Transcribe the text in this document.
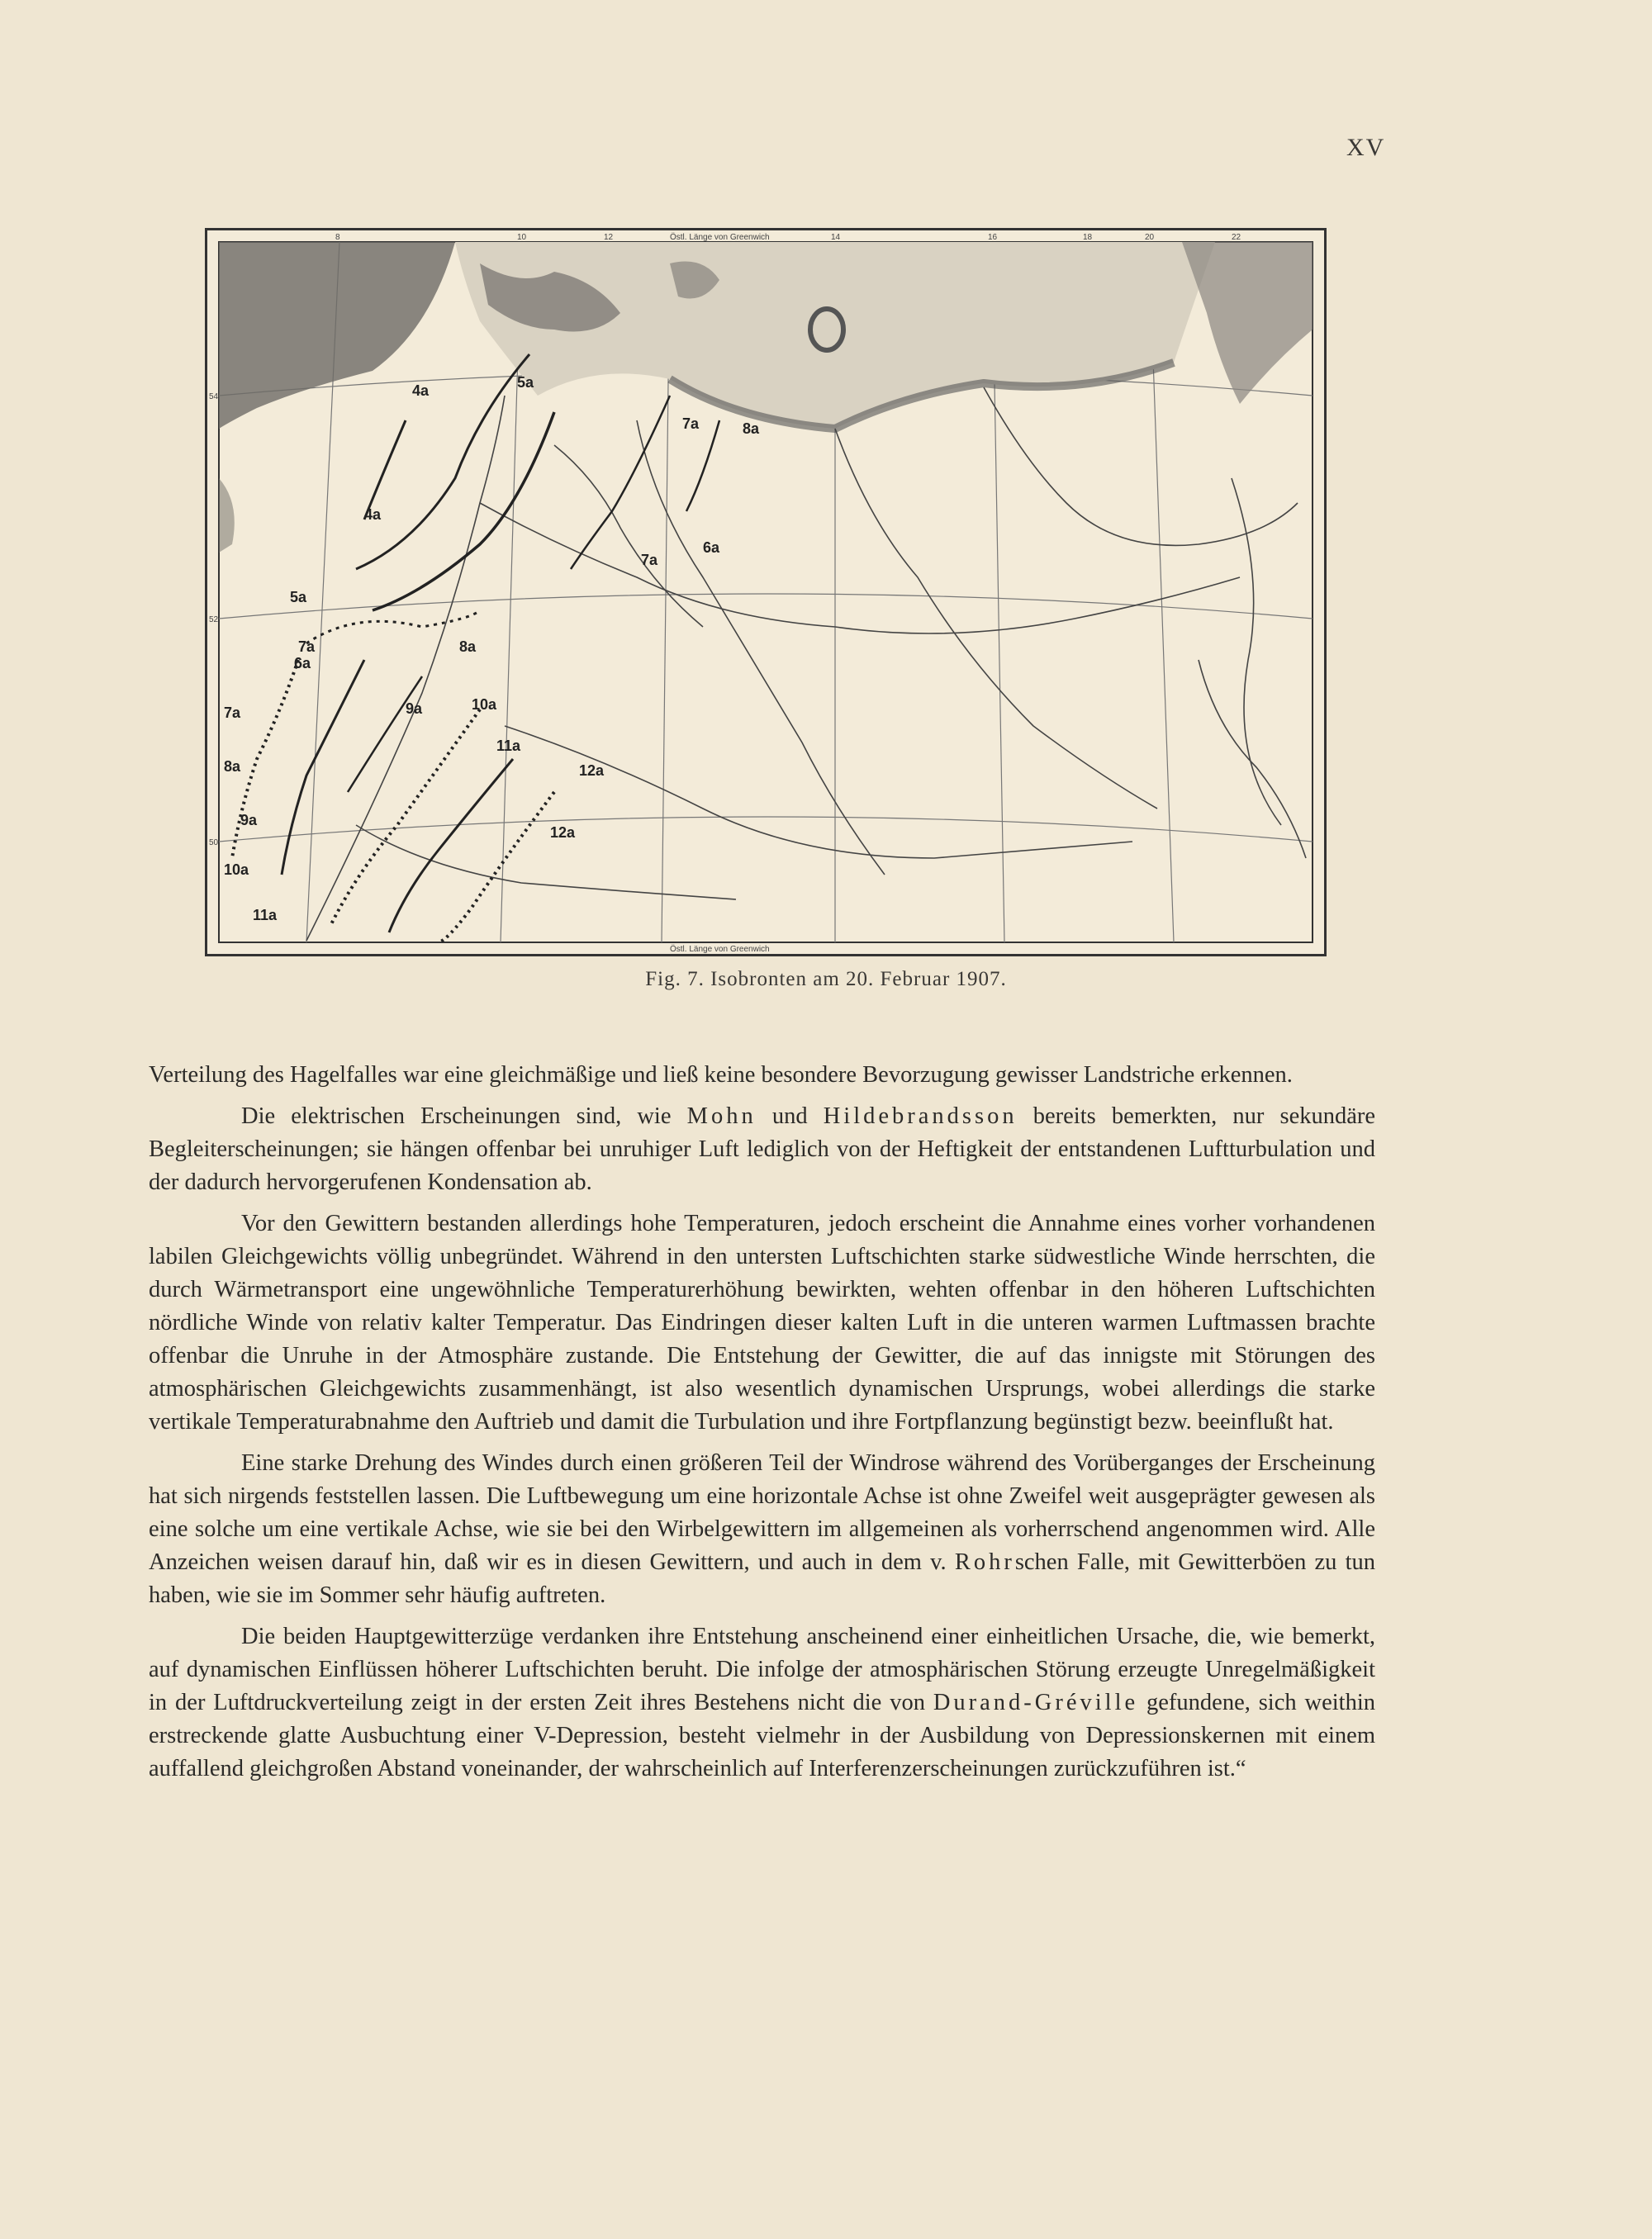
XV
4a	5a
7a	8a
4a
5a
7a
6a
7a	8a
6a
9a	10a
7a
11a
12a
8a
9a
12a
10a
11a
Östl. Länge von Greenwich
Östl. Länge von Greenwich
8	10	12	14	16	18	20	22
54
52
50
Fig. 7. Isobronten am 20. Februar 1907.

Verteilung des Hagelfalles war eine gleichmäßige und ließ keine besondere Bevorzugung gewisser Landstriche erkennen.

Die elektrischen Erscheinungen sind, wie Mohn und Hildebrandsson bereits bemerkten, nur sekundäre Begleiterscheinungen; sie hängen offenbar bei unruhiger Luft lediglich von der Heftigkeit der entstandenen Luftturbulation und der dadurch hervorgerufenen Kondensation ab.

Vor den Gewittern bestanden allerdings hohe Temperaturen, jedoch erscheint die Annahme eines vorher vorhandenen labilen Gleichgewichts völlig unbegründet. Während in den untersten Luftschichten starke südwestliche Winde herrschten, die durch Wärmetransport eine ungewöhnliche Temperaturerhöhung bewirkten, wehten offenbar in den höheren Luftschichten nördliche Winde von relativ kalter Temperatur. Das Eindringen dieser kalten Luft in die unteren warmen Luftmassen brachte offenbar die Unruhe in der Atmosphäre zustande. Die Entstehung der Gewitter, die auf das innigste mit Störungen des atmosphärischen Gleichgewichts zusammenhängt, ist also wesentlich dynamischen Ursprungs, wobei allerdings die starke vertikale Temperaturabnahme den Auftrieb und damit die Turbulation und ihre Fortpflanzung begünstigt bezw. beeinflußt hat.

Eine starke Drehung des Windes durch einen größeren Teil der Windrose während des Vorüberganges der Erscheinung hat sich nirgends feststellen lassen. Die Luftbewegung um eine horizontale Achse ist ohne Zweifel weit ausgeprägter gewesen als eine solche um eine vertikale Achse, wie sie bei den Wirbelgewittern im allgemeinen als vorherrschend angenommen wird. Alle Anzeichen weisen darauf hin, daß wir es in diesen Gewittern, und auch in dem v. Rohrschen Falle, mit Gewitterböen zu tun haben, wie sie im Sommer sehr häufig auftreten.

Die beiden Hauptgewitterzüge verdanken ihre Entstehung anscheinend einer einheitlichen Ursache, die, wie bemerkt, auf dynamischen Einflüssen höherer Luftschichten beruht. Die infolge der atmosphärischen Störung erzeugte Unregelmäßigkeit in der Luftdruckverteilung zeigt in der ersten Zeit ihres Bestehens nicht die von Durand-Gréville gefundene, sich weithin erstreckende glatte Ausbuchtung einer V-Depression, besteht vielmehr in der Ausbildung von Depressionskernen mit einem auffallend gleichgroßen Abstand voneinander, der wahrscheinlich auf Interferenzerscheinungen zurückzuführen ist.“
